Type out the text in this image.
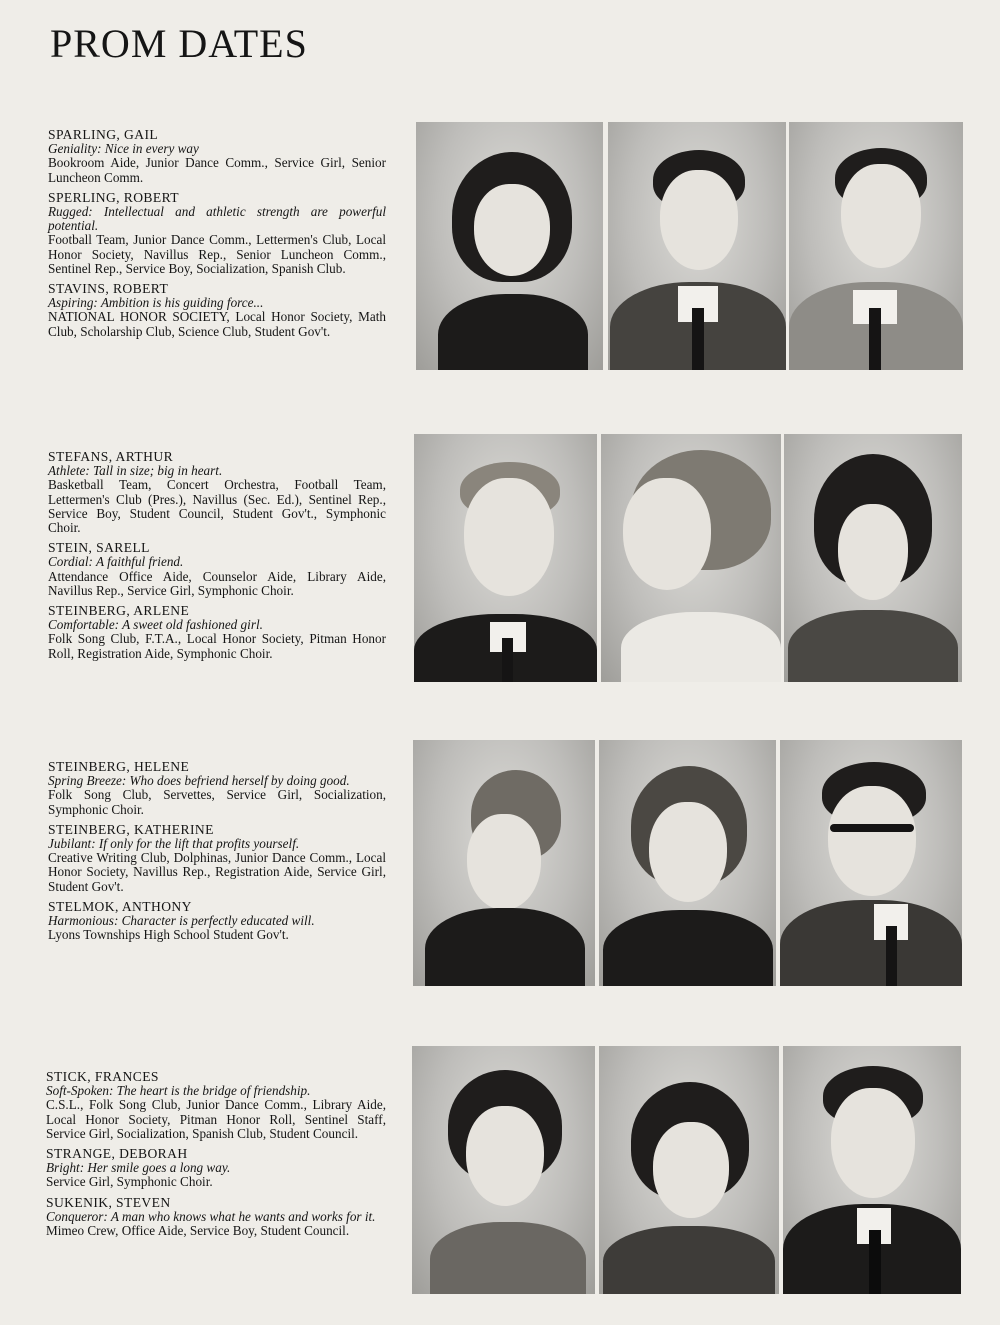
PROM DATES
SPARLING, GAIL
Geniality: Nice in every way
Bookroom Aide, Junior Dance Comm., Service Girl, Senior Luncheon Comm.
SPERLING, ROBERT
Rugged: Intellectual and athletic strength are powerful potential.
Football Team, Junior Dance Comm., Lettermen's Club, Local Honor Society, Navillus Rep., Senior Luncheon Comm., Sentinel Rep., Service Boy, Socialization, Spanish Club.
STAVINS, ROBERT
Aspiring: Ambition is his guiding force...
NATIONAL HONOR SOCIETY, Local Honor Society, Math Club, Scholarship Club, Science Club, Student Gov't.
STEFANS, ARTHUR
Athlete: Tall in size; big in heart.
Basketball Team, Concert Orchestra, Football Team, Lettermen's Club (Pres.), Navillus (Sec. Ed.), Sentinel Rep., Service Boy, Student Council, Student Gov't., Symphonic Choir.
STEIN, SARELL
Cordial: A faithful friend.
Attendance Office Aide, Counselor Aide, Library Aide, Navillus Rep., Service Girl, Symphonic Choir.
STEINBERG, ARLENE
Comfortable: A sweet old fashioned girl.
Folk Song Club, F.T.A., Local Honor Society, Pitman Honor Roll, Registration Aide, Symphonic Choir.
STEINBERG, HELENE
Spring Breeze: Who does befriend herself by doing good.
Folk Song Club, Servettes, Service Girl, Socialization, Symphonic Choir.
STEINBERG, KATHERINE
Jubilant: If only for the lift that profits yourself.
Creative Writing Club, Dolphinas, Junior Dance Comm., Local Honor Society, Navillus Rep., Registration Aide, Service Girl, Student Gov't.
STELMOK, ANTHONY
Harmonious: Character is perfectly educated will.
Lyons Townships High School Student Gov't.
STICK, FRANCES
Soft-Spoken: The heart is the bridge of friendship.
C.S.L., Folk Song Club, Junior Dance Comm., Library Aide, Local Honor Society, Pitman Honor Roll, Sentinel Staff, Service Girl, Socialization, Spanish Club, Student Council.
STRANGE, DEBORAH
Bright: Her smile goes a long way.
Service Girl, Symphonic Choir.
SUKENIK, STEVEN
Conqueror: A man who knows what he wants and works for it.
Mimeo Crew, Office Aide, Service Boy, Student Council.
